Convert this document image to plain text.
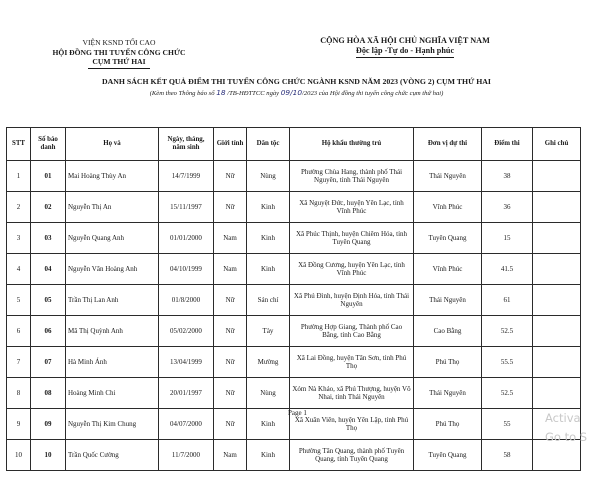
VIỆN KSND TỐI CAO
HỘI ĐỒNG THI TUYỂN CÔNG CHỨC
CỤM THỨ HAI
CỘNG HÒA XÃ HỘI CHỦ NGHĨA VIỆT NAM
Độc lập -Tự do - Hạnh phúc
DANH SÁCH KẾT QUẢ ĐIỂM THI TUYỂN CÔNG CHỨC NGÀNH KSND NĂM 2023 (VÒNG 2) CỤM THỨ HAI
(Kèm theo Thông báo số 18 /TB-HĐTTCC ngày 09/10/2023 của Hội đồng thi tuyển công chức cụm thứ hai)
STT	Số báo danh	Họ và	Ngày, tháng, năm sinh	Giới tính	Dân tộc	Hộ khẩu thường trú	Đơn vị dự thi	Điểm thi	Ghi chú
1	01	Mai Hoàng Thùy An	14/7/1999	Nữ	Nùng	Phường Chùa Hang, thành phố Thái Nguyên, tỉnh Thái Nguyên	Thái Nguyên	38	
2	02	Nguyễn Thị An	15/11/1997	Nữ	Kinh	Xã Nguyệt Đức, huyện Yên Lạc, tỉnh Vĩnh Phúc	Vĩnh Phúc	36	
3	03	Nguyễn Quang Anh	01/01/2000	Nam	Kinh	Xã Phúc Thịnh, huyện Chiêm Hóa, tỉnh Tuyên Quang	Tuyên Quang	15	
4	04	Nguyễn Văn Hoàng Anh	04/10/1999	Nam	Kinh	Xã Đồng Cương, huyện Yên Lạc, tỉnh Vĩnh Phúc	Vĩnh Phúc	41.5	
5	05	Trần Thị Lan Anh	01/8/2000	Nữ	Sán chí	Xã Phú Đình, huyện Định Hóa, tỉnh Thái Nguyên	Thái Nguyên	61	
6	06	Mã Thị Quỳnh Anh	05/02/2000	Nữ	Tày	Phường Hợp Giang, Thành phố Cao Bằng, tỉnh Cao Bằng	Cao Bằng	52.5	
7	07	Hà Minh Ánh	13/04/1999	Nữ	Mường	Xã Lai Đồng, huyện Tân Sơn, tỉnh Phú Thọ	Phú Thọ	55.5	
8	08	Hoàng Minh Chi	20/01/1997	Nữ	Nùng	Xóm Nà Khảo, xã Phú Thượng, huyện Võ Nhai, tỉnh Thái Nguyên	Thái Nguyên	52.5	
9	09	Nguyễn Thị Kim Chung	04/07/2000	Nữ	Kinh	Xã Xuân Viên, huyện Yên Lập, tỉnh Phú Thọ	Phú Thọ	55	
10	10	Trần Quốc Cường	11/7/2000	Nam	Kinh	Phường Tân Quang, thành phố Tuyên Quang, tỉnh Tuyên Quang	Tuyên Quang	58	
Page 1	Activa
Go to S
